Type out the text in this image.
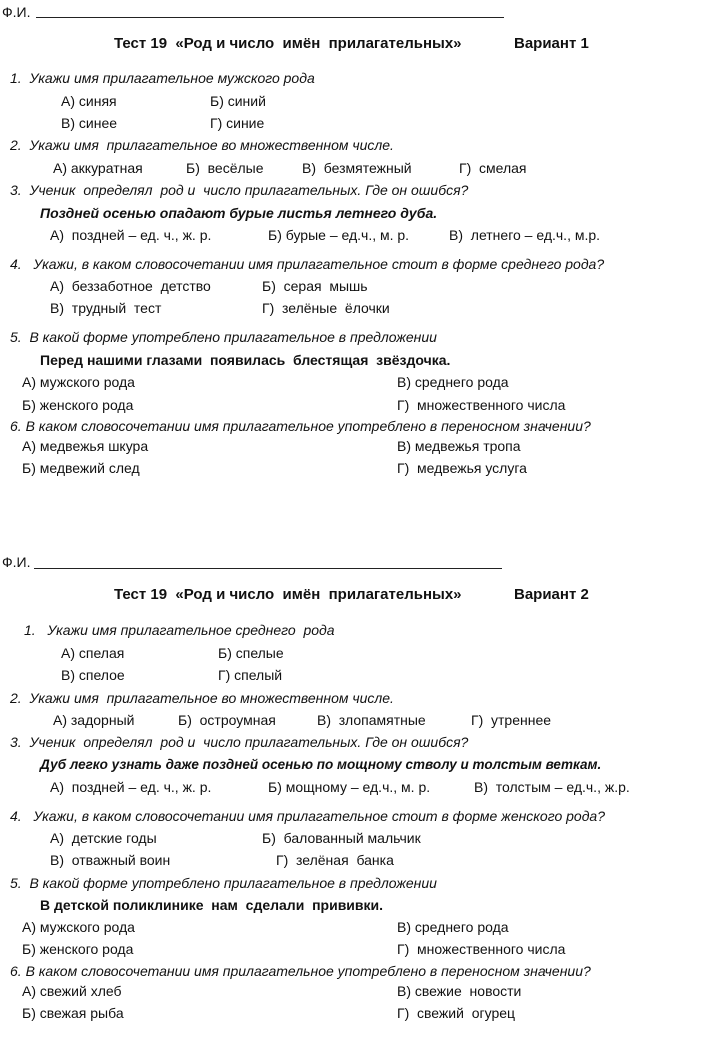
Ф.И.
Тест 19  «Род и число  имён  прилагательных»	Вариант 1
1.  Укажи имя прилагательное мужского рода
А) синяя	Б) синий
В) синее	Г) синие
2.  Укажи имя  прилагательное во множественном числе.
А) аккуратная	Б)  весёлые	В)  безмятежный	Г)  смелая
3.  Ученик  определял  род и  число прилагательных. Где он ошибся?
Поздней осенью опадают бурые листья летнего дуба.
А)  поздней – ед. ч., ж. р.	Б) бурые – ед.ч., м. р.	В)  летнего – ед.ч., м.р.
4.   Укажи, в каком словосочетании имя прилагательное стоит в форме среднего рода?
А)  беззаботное  детство	Б)  серая  мышь
В)  трудный  тест	Г)  зелёные  ёлочки
5.  В какой форме употреблено прилагательное в предложении
Перед нашими глазами  появилась  блестящая  звёздочка.
А) мужского рода	В) среднего рода
Б) женского рода	Г)  множественного числа
6. В каком словосочетании имя прилагательное употреблено в переносном значении?
А) медвежья шкура	В) медвежья тропа
Б) медвежий след	Г)  медвежья услуга
Ф.И.
Тест 19  «Род и число  имён  прилагательных»	Вариант 2
1.   Укажи имя прилагательное среднего  рода
А) спелая	Б) спелые
В) спелое	Г) спелый
2.  Укажи имя  прилагательное во множественном числе.
А) задорный	Б)  остроумная	В)  злопамятные	Г)  утреннее
3.  Ученик  определял  род и  число прилагательных. Где он ошибся?
Дуб легко узнать даже поздней осенью по мощному стволу и толстым веткам.
А)  поздней – ед. ч., ж. р.	Б) мощному – ед.ч., м. р.	В)  толстым – ед.ч., ж.р.
4.   Укажи, в каком словосочетании имя прилагательное стоит в форме женского рода?
А)  детские годы	Б)  балованный мальчик
В)  отважный воин	Г)  зелёная  банка
5.  В какой форме употреблено прилагательное в предложении
В детской поликлинике  нам  сделали  прививки.
А) мужского рода	В) среднего рода
Б) женского рода	Г)  множественного числа
6. В каком словосочетании имя прилагательное употреблено в переносном значении?
А) свежий хлеб	В) свежие  новости
Б) свежая рыба	Г)  свежий  огурец
